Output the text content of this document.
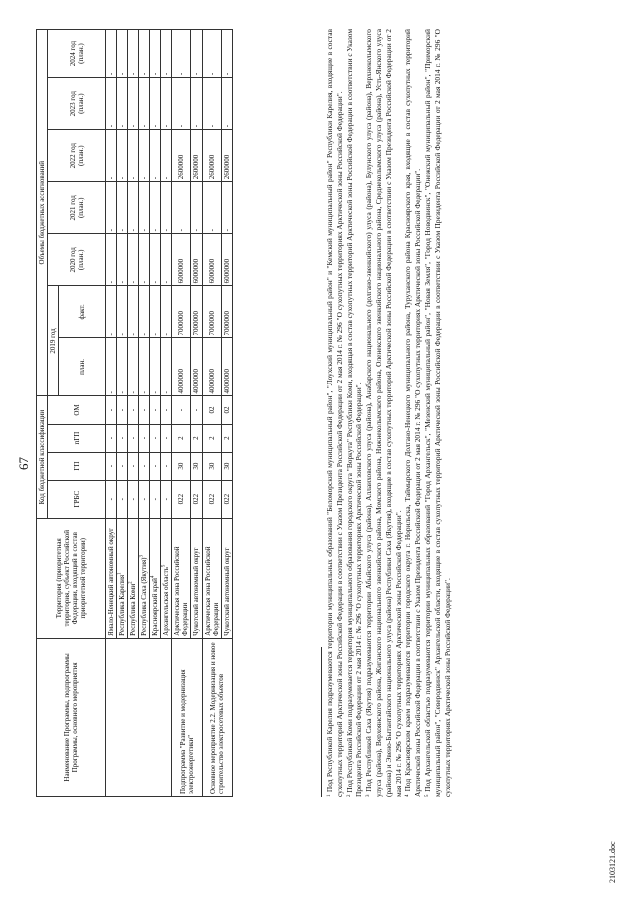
67
Наименование Программы, подпрограммы Программы, основного мероприятия	Территория (приоритетная территория, субъект Российской Федерации, входящий в состав приоритетной территории)	Код бюджетной классификации				Объемы бюджетных ассигнований						
		ГРБС	ГП	пГП	ОМ	2019 год		2020 год (план.)	2021 год (план.)	2022 год (план.)	2023 год (план.)	2024 год (план.)
						план.	факт.					
	Ямало-Ненецкий автономный округ	-	-	-	-	-	-	-	-	-	-	-
	Республика Карелия$^1$	-	-	-	-	-	-	-	-	-	-	-
	Республика Коми$^2$	-	-	-	-	-	-	-	-	-	-	-
	Республика Саха (Якутия)$^3$	-	-	-	-	-	-	-	-	-	-	-
	Красноярский край$^4$	-	-	-	-	-	-	-	-	-	-	-
	Архангельская область$^5$	-	-	-	-	-	-	-	-	-	-	-
Подпрограмма "Развитие и модернизация электроэнергетики"	Арктическая зона Российской Федерации	022	30	2	-	4000000	7000000	6000000	-	2600000	-	-
	Чукотский автономный округ	022	30	2	-	4000000	7000000	6000000	-	2600000	-	-
Основное мероприятие 2.2. Модернизация и новое строительство электросетевых объектов	Арктическая зона Российской Федерации	022	30	2	02	4000000	7000000	6000000	-	2600000	-	-
	Чукотский автономный округ	022	30	2	02	4000000	7000000	6000000	-	2600000	-	-

$^1$ Под Республикой Карелия подразумеваются территории муниципальных образований "Беломорский муниципальный район", "Лоухский муниципальный район" и "Кемский муниципальный район" Республики Карелия, входящие в состав сухопутных территорий Арктической зоны Российской Федерации в соответствии с Указом Президента Российской Федерации от 2 мая 2014 г. № 296 "О сухопутных территориях Арктической зоны Российской Федерации". $^2$ Под Республикой Коми подразумевается территория муниципального образования городского округа "Воркута" Республики Коми, входящая в состав сухопутных территорий Арктической зоны Российской Федерации в соответствии с Указом Президента Российской Федерации от 2 мая 2014 г. № 296 "О сухопутных территориях Арктической зоны Российской Федерации". $^3$ Под Республикой Саха (Якутия) подразумеваются территории Абыйского улуса (района), Аллаиховского улуса (района), Анабарского национального (долгано-эвенкийского) улуса (района), Булунского улуса (района), Верхнеколымского улуса (района), Верхоянского района, Жиганского национального эвенкийского района, Момского района, Нижнеколымского района, Оленекского эвенкийского национального района, Среднеколымского улуса (района), Усть-Янского улуса (района) и Эвено-Бытантайского национального улуса (района) Республики Саха (Якутия), входящие в состав сухопутных территорий Арктической зоны Российской Федерации в соответствии с Указом Президента Российской Федерации от 2 мая 2014 г. № 296 "О сухопутных территориях Арктической зоны Российской Федерации". $^4$ Под Красноярским краем подразумеваются территории городского округа г. Норильска, Таймырского Долгано-Ненецкого муниципального района, Туруханского района Красноярского края, входящие в состав сухопутных территорий Арктической зоны Российской Федерации в соответствии с Указом Президента Российской Федерации от 2 мая 2014 г. № 296 "О сухопутных территориях Арктической зоны Российской Федерации". $^5$ Под Архангельской областью подразумеваются территории муниципальных образований "Город Архангельск", "Мезенский муниципальный район", "Новая Земля", "Город Новодвинск", "Онежский муниципальный район", "Приморский муниципальный район", "Северодвинск" Архангельской области, входящие в состав сухопутных территорий Арктической зоны Российской Федерации в соответствии с Указом Президента Российской Федерации от 2 мая 2014 г. № 296 "О сухопутных территориях Арктической зоны Российской Федерации".

2103121.doc
